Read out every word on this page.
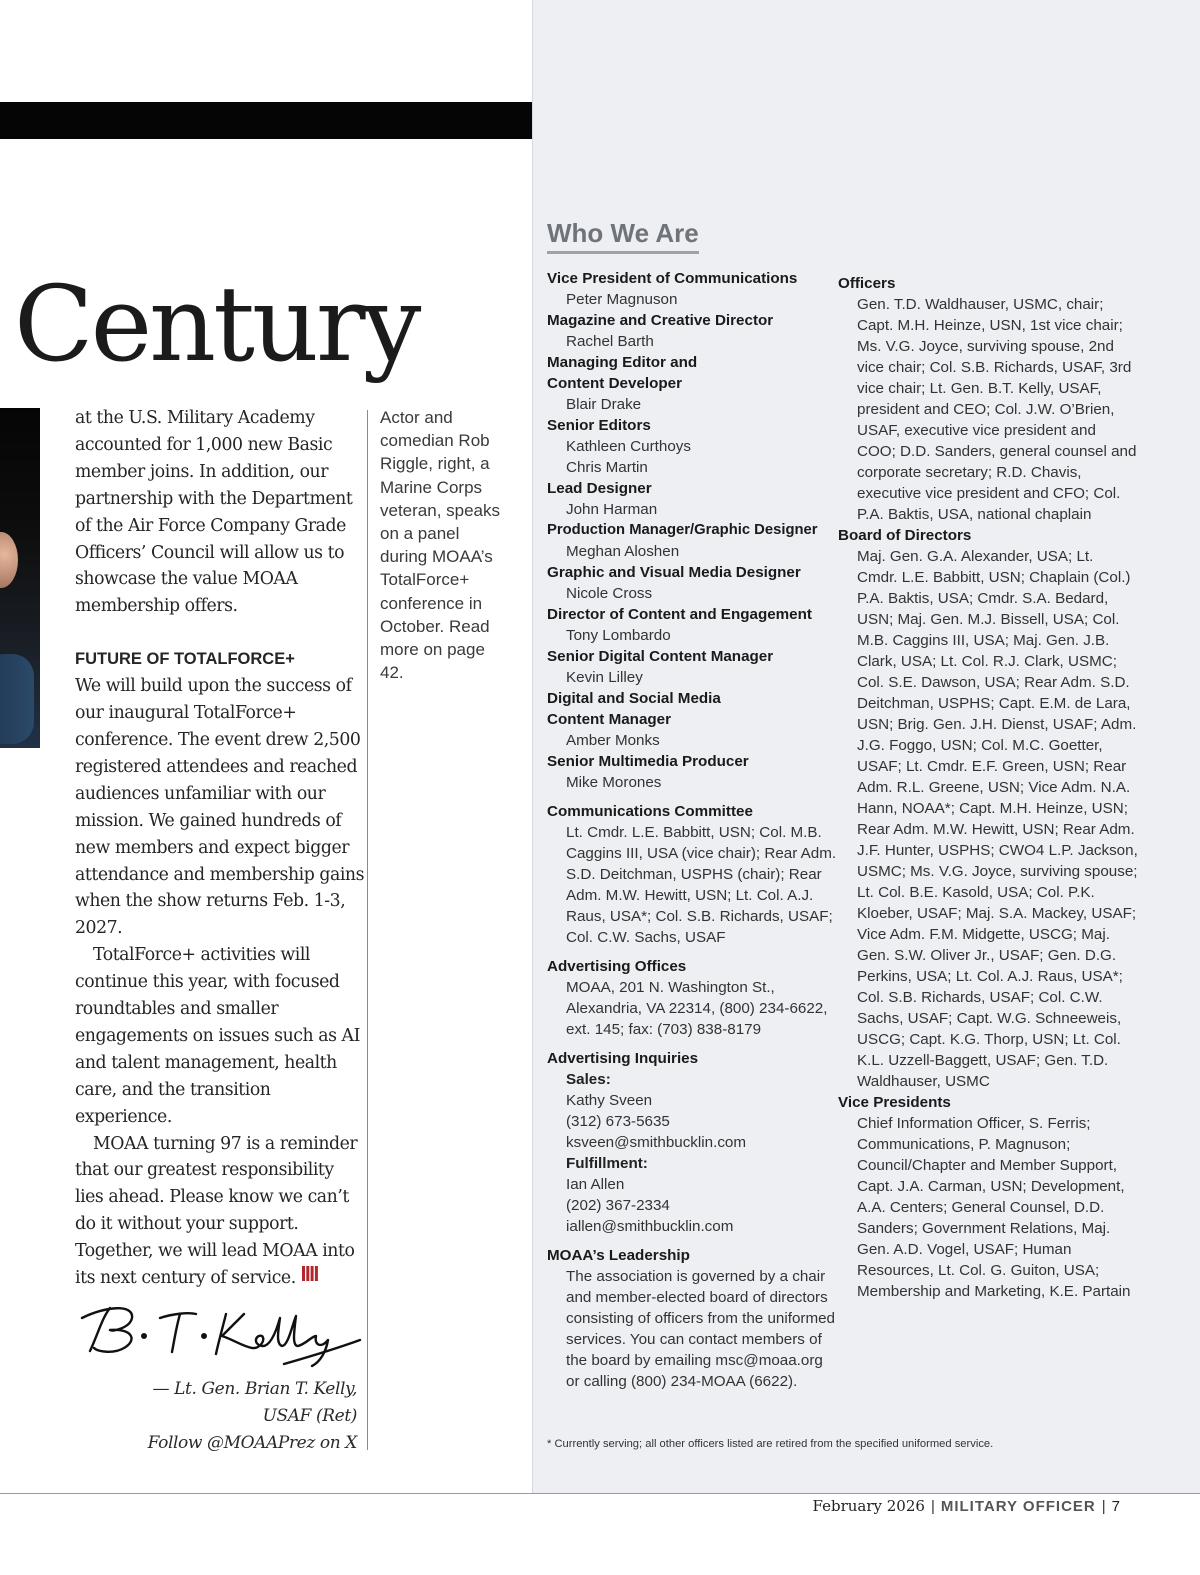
Century

at the U.S. Military Academy accounted for 1,000 new Basic member joins. In addition, our partnership with the Department of the Air Force Company Grade Officers’ Council will allow us to showcase the value MOAA membership offers.

FUTURE OF TOTALFORCE+

We will build upon the success of our inaugural TotalForce+ conference. The event drew 2,500 registered attendees and reached audiences unfamiliar with our mission. We gained hundreds of new members and expect bigger attendance and membership gains when the show returns Feb. 1-3, 2027.

TotalForce+ activities will continue this year, with focused roundtables and smaller engagements on issues such as AI and talent management, health care, and the transition experience.

MOAA turning 97 is a reminder that our greatest responsibility lies ahead. Please know we can’t do it without your support. Together, we will lead MOAA into its next century of service.

— Lt. Gen. Brian T. Kelly,
USAF (Ret)
Follow @MOAAPrez on X
Actor and comedian Rob Riggle, right, a Marine Corps veteran, speaks on a panel during MOAA’s TotalForce+ conference in October. Read more on page 42.
Who We Are
Vice President of Communications
Peter Magnuson
Magazine and Creative Director
Rachel Barth
Managing Editor and Content Developer
Blair Drake
Senior Editors
Kathleen Curthoys
Chris Martin
Lead Designer
John Harman
Production Manager/Graphic Designer
Meghan Aloshen
Graphic and Visual Media Designer
Nicole Cross
Director of Content and Engagement
Tony Lombardo
Senior Digital Content Manager
Kevin Lilley
Digital and Social Media Content Manager
Amber Monks
Senior Multimedia Producer
Mike Morones
Communications Committee
Lt. Cmdr. L.E. Babbitt, USN; Col. M.B. Caggins III, USA (vice chair); Rear Adm. S.D. Deitchman, USPHS (chair); Rear Adm. M.W. Hewitt, USN; Lt. Col. A.J. Raus, USA*; Col. S.B. Richards, USAF; Col. C.W. Sachs, USAF
Advertising Offices
MOAA, 201 N. Washington St., Alexandria, VA 22314, (800) 234-6622, ext. 145; fax: (703) 838-8179
Advertising Inquiries
Sales:
Kathy Sveen
(312) 673-5635
ksveen@smithbucklin.com
Fulfillment:
Ian Allen
(202) 367-2334
iallen@smithbucklin.com
MOAA’s Leadership
The association is governed by a chair and member-elected board of directors consisting of officers from the uniformed services. You can contact members of the board by emailing msc@moaa.org or calling (800) 234-MOAA (6622).
Officers
Gen. T.D. Waldhauser, USMC, chair; Capt. M.H. Heinze, USN, 1st vice chair; Ms. V.G. Joyce, surviving spouse, 2nd vice chair; Col. S.B. Richards, USAF, 3rd vice chair; Lt. Gen. B.T. Kelly, USAF, president and CEO; Col. J.W. O’Brien, USAF, executive vice president and COO; D.D. Sanders, general counsel and corporate secretary; R.D. Chavis, executive vice president and CFO; Col. P.A. Baktis, USA, national chaplain
Board of Directors
Maj. Gen. G.A. Alexander, USA; Lt. Cmdr. L.E. Babbitt, USN; Chaplain (Col.) P.A. Baktis, USA; Cmdr. S.A. Bedard, USN; Maj. Gen. M.J. Bissell, USA; Col. M.B. Caggins III, USA; Maj. Gen. J.B. Clark, USA; Lt. Col. R.J. Clark, USMC; Col. S.E. Dawson, USA; Rear Adm. S.D. Deitchman, USPHS; Capt. E.M. de Lara, USN; Brig. Gen. J.H. Dienst, USAF; Adm. J.G. Foggo, USN; Col. M.C. Goetter, USAF; Lt. Cmdr. E.F. Green, USN; Rear Adm. R.L. Greene, USN; Vice Adm. N.A. Hann, NOAA*; Capt. M.H. Heinze, USN; Rear Adm. M.W. Hewitt, USN; Rear Adm. J.F. Hunter, USPHS; CWO4 L.P. Jackson, USMC; Ms. V.G. Joyce, surviving spouse; Lt. Col. B.E. Kasold, USA; Col. P.K. Kloeber, USAF; Maj. S.A. Mackey, USAF; Vice Adm. F.M. Midgette, USCG; Maj. Gen. S.W. Oliver Jr., USAF; Gen. D.G. Perkins, USA; Lt. Col. A.J. Raus, USA*; Col. S.B. Richards, USAF; Col. C.W. Sachs, USAF; Capt. W.G. Schneeweis, USCG; Capt. K.G. Thorp, USN; Lt. Col. K.L. Uzzell-Baggett, USAF; Gen. T.D. Waldhauser, USMC
Vice Presidents
Chief Information Officer, S. Ferris; Communications, P. Magnuson; Council/Chapter and Member Support, Capt. J.A. Carman, USN; Development, A.A. Centers; General Counsel, D.D. Sanders; Government Relations, Maj. Gen. A.D. Vogel, USAF; Human Resources, Lt. Col. G. Guiton, USA; Membership and Marketing, K.E. Partain
* Currently serving; all other officers listed are retired from the specified uniformed service.
February 2026 | MILITARY OFFICER | 7
